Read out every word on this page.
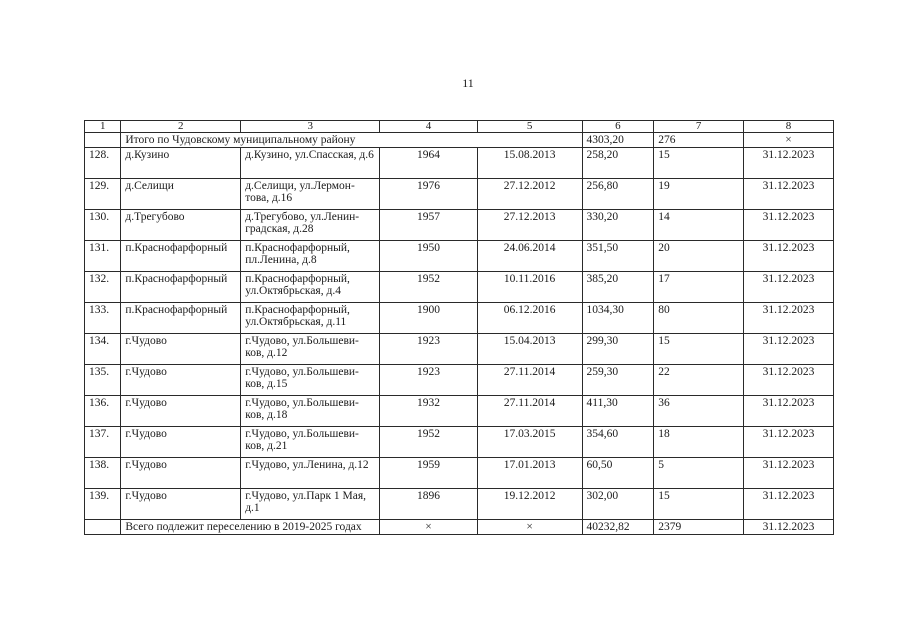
11
1	2	3	4	5	6	7	8
	Итого по Чудовскому муниципальному району				4303,20	276	×
128.	д.Кузино	д.Кузино, ул.Спасская, д.6	1964	15.08.2013	258,20	15	31.12.2023
129.	д.Селищи	д.Селищи, ул.Лермон-това, д.16	1976	27.12.2012	256,80	19	31.12.2023
130.	д.Трегубово	д.Трегубово, ул.Ленин-градская, д.28	1957	27.12.2013	330,20	14	31.12.2023
131.	п.Краснофарфорный	п.Краснофарфорный, пл.Ленина, д.8	1950	24.06.2014	351,50	20	31.12.2023
132.	п.Краснофарфорный	п.Краснофарфорный, ул.Октябрьская, д.4	1952	10.11.2016	385,20	17	31.12.2023
133.	п.Краснофарфорный	п.Краснофарфорный, ул.Октябрьская, д.11	1900	06.12.2016	1034,30	80	31.12.2023
134.	г.Чудово	г.Чудово, ул.Большеви-ков, д.12	1923	15.04.2013	299,30	15	31.12.2023
135.	г.Чудово	г.Чудово, ул.Большеви-ков, д.15	1923	27.11.2014	259,30	22	31.12.2023
136.	г.Чудово	г.Чудово, ул.Большеви-ков, д.18	1932	27.11.2014	411,30	36	31.12.2023
137.	г.Чудово	г.Чудово, ул.Большеви-ков, д.21	1952	17.03.2015	354,60	18	31.12.2023
138.	г.Чудово	г.Чудово, ул.Ленина, д.12	1959	17.01.2013	60,50	5	31.12.2023
139.	г.Чудово	г.Чудово, ул.Парк 1 Мая, д.1	1896	19.12.2012	302,00	15	31.12.2023
	Всего подлежит переселению в 2019-2025 годах		×	×	40232,82	2379	31.12.2023
